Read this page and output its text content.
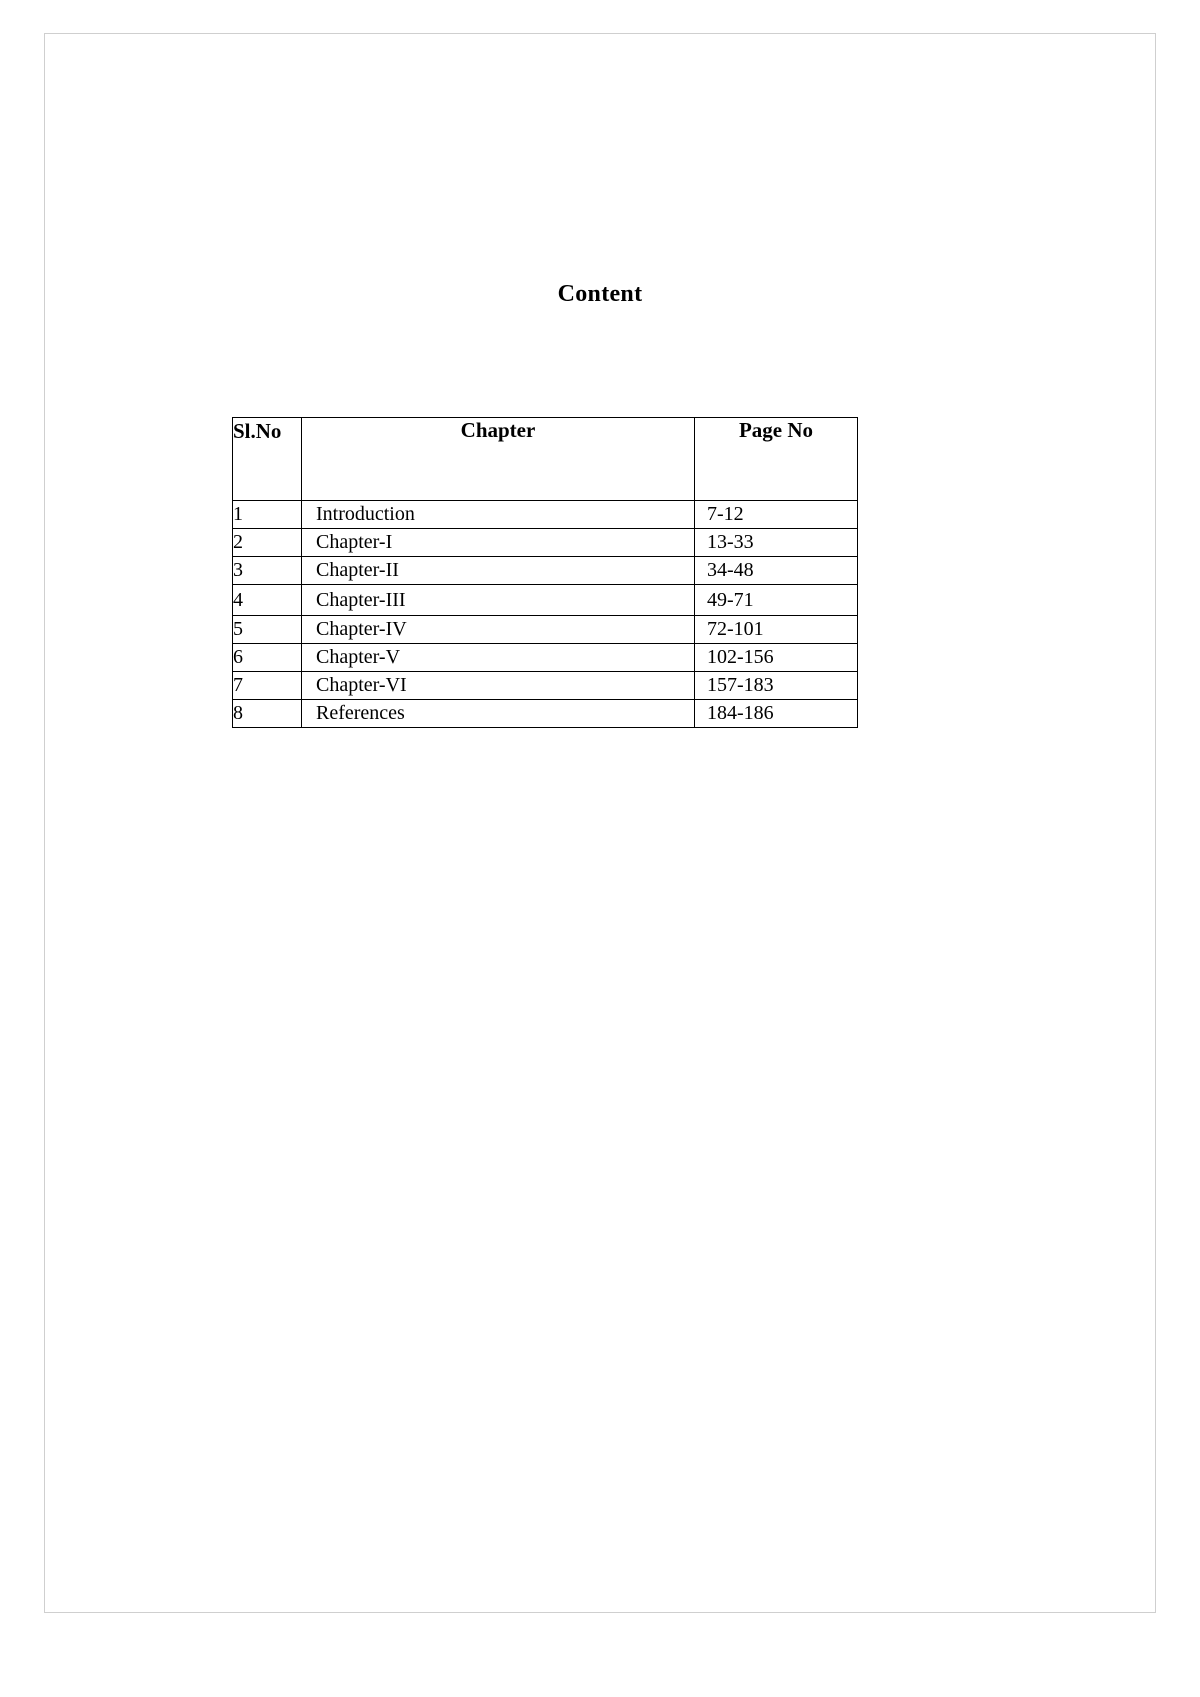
Content
Sl.No	Chapter	Page No
1	Introduction	7-12
2	Chapter-I	13-33
3	Chapter-II	34-48
4	Chapter-III	49-71
5	Chapter-IV	72-101
6	Chapter-V	102-156
7	Chapter-VI	157-183
8	References	184-186
